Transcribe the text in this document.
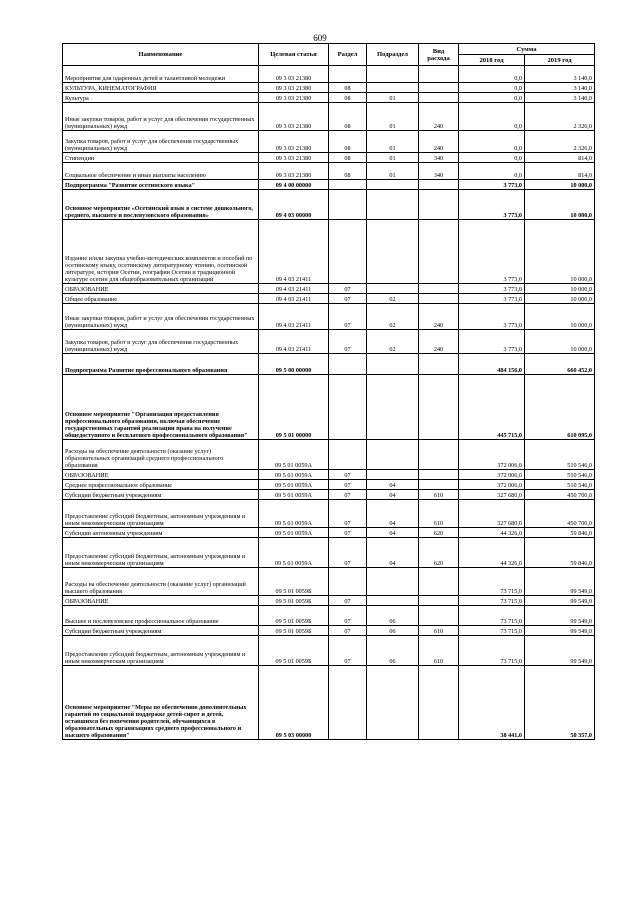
609
Наименование	Целевая статья	Раздел	Подраздел	Вид расхода	Сумма	
					2018 год	2019 год
Мероприятия для одаренных детей и талантливой молодежи	09 3 03 21380				0,0	3 140,0
КУЛЬТУРА, КИНЕМАТОГРАФИЯ	09 3 03 21380	08			0,0	3 140,0
Культура	09 3 03 21380	08	01		0,0	3 140,0
Иные закупки товаров, работ и услуг для обеспечения государственных (муниципальных) нужд	09 3 03 21380	08	01	240	0,0	2 326,0
Закупка товаров, работ и услуг для обеспечения государственных (муниципальных) нужд	09 3 03 21380	08	01	240	0,0	2 326,0
Стипендии	09 3 03 21380	08	01	340	0,0	814,0
Социальное обеспечение и иные выплаты населению	09 3 03 21380	08	01	340	0,0	814,0
Подпрограмма "Развитие осетинского языка"	09 4 00 00000				3 773,0	10 000,0
Основное мероприятие «Осетинский язык в системе дошкольного, среднего, высшего и послевузовского образования»	09 4 03 00000				3 773,0	10 000,0
Издание и/или закупка учебно-методических комплектов и пособий по осетинскому языку, осетинскому литературному чтению, осетинской литературе, истории Осетии, географии Осетии и традиционной культуре осетин для общеобразовательных организаций	09 4 03 21411				3 773,0	10 000,0
ОБРАЗОВАНИЕ	09 4 03 21411	07			3 773,0	10 000,0
Общее образование	09 4 03 21411	07	02		3 773,0	10 000,0
Иные закупки товаров, работ и услуг для обеспечения государственных (муниципальных) нужд	09 4 03 21411	07	02	240	3 773,0	10 000,0
Закупка товаров, работ и услуг для обеспечения государственных (муниципальных) нужд	09 4 03 21411	07	02	240	3 773,0	10 000,0
Подпрограмма Развитие профессионального образования	09 5 00 00000				484 156,0	660 452,0
Основное мероприятие "Организация предоставления профессионального образования, включая обеспечение государственных гарантий реализации права на получение общедоступного и бесплатного профессионального образования"	09 5 01 00000				445 715,0	610 095,0
Расходы на обеспечение деятельности (оказание услуг) образовательных организаций среднего профессионального образования	09 5 01 0059А				372 006,0	510 546,0
ОБРАЗОВАНИЕ	09 5 01 0059А	07			372 006,0	510 546,0
Среднее профессиональное образование	09 5 01 0059А	07	04		372 006,0	510 546,0
Субсидии бюджетным учреждениям	09 5 01 0059А	07	04	610	327 680,0	450 700,0
Предоставление субсидий бюджетным, автономным учреждениям и иным некоммерческим организациям	09 5 01 0059А	07	04	610	327 680,0	450 700,0
Субсидии автономным учреждениям	09 5 01 0059А	07	04	620	44 326,0	59 846,0
Предоставление субсидий бюджетным, автономным учреждениям и иным некоммерческим организациям	09 5 01 0059А	07	04	620	44 326,0	59 846,0
Расходы на обеспечение деятельности (оказание услуг) организаций высшего образования	09 5 01 0059Б				73 715,0	99 549,0
ОБРАЗОВАНИЕ	09 5 01 0059Б	07			73 715,0	99 549,0
Высшее и послевузовское профессиональное образование	09 5 01 0059Б	07	06		73 715,0	99 549,0
Субсидии бюджетным учреждениям	09 5 01 0059Б	07	06	610	73 715,0	99 549,0
Предоставление субсидий бюджетным, автономным учреждениям и иным некоммерческим организациям	09 5 01 0059Б	07	06	610	73 715,0	99 549,0
Основное мероприятие "Меры по обеспечению дополнительных гарантий по социальной поддержке детей-сирот и детей, оставшихся без попечения родителей, обучающихся в образовательных организациях среднего профессионального и высшего образования"	09 5 03 00000				38 441,0	50 357,0
